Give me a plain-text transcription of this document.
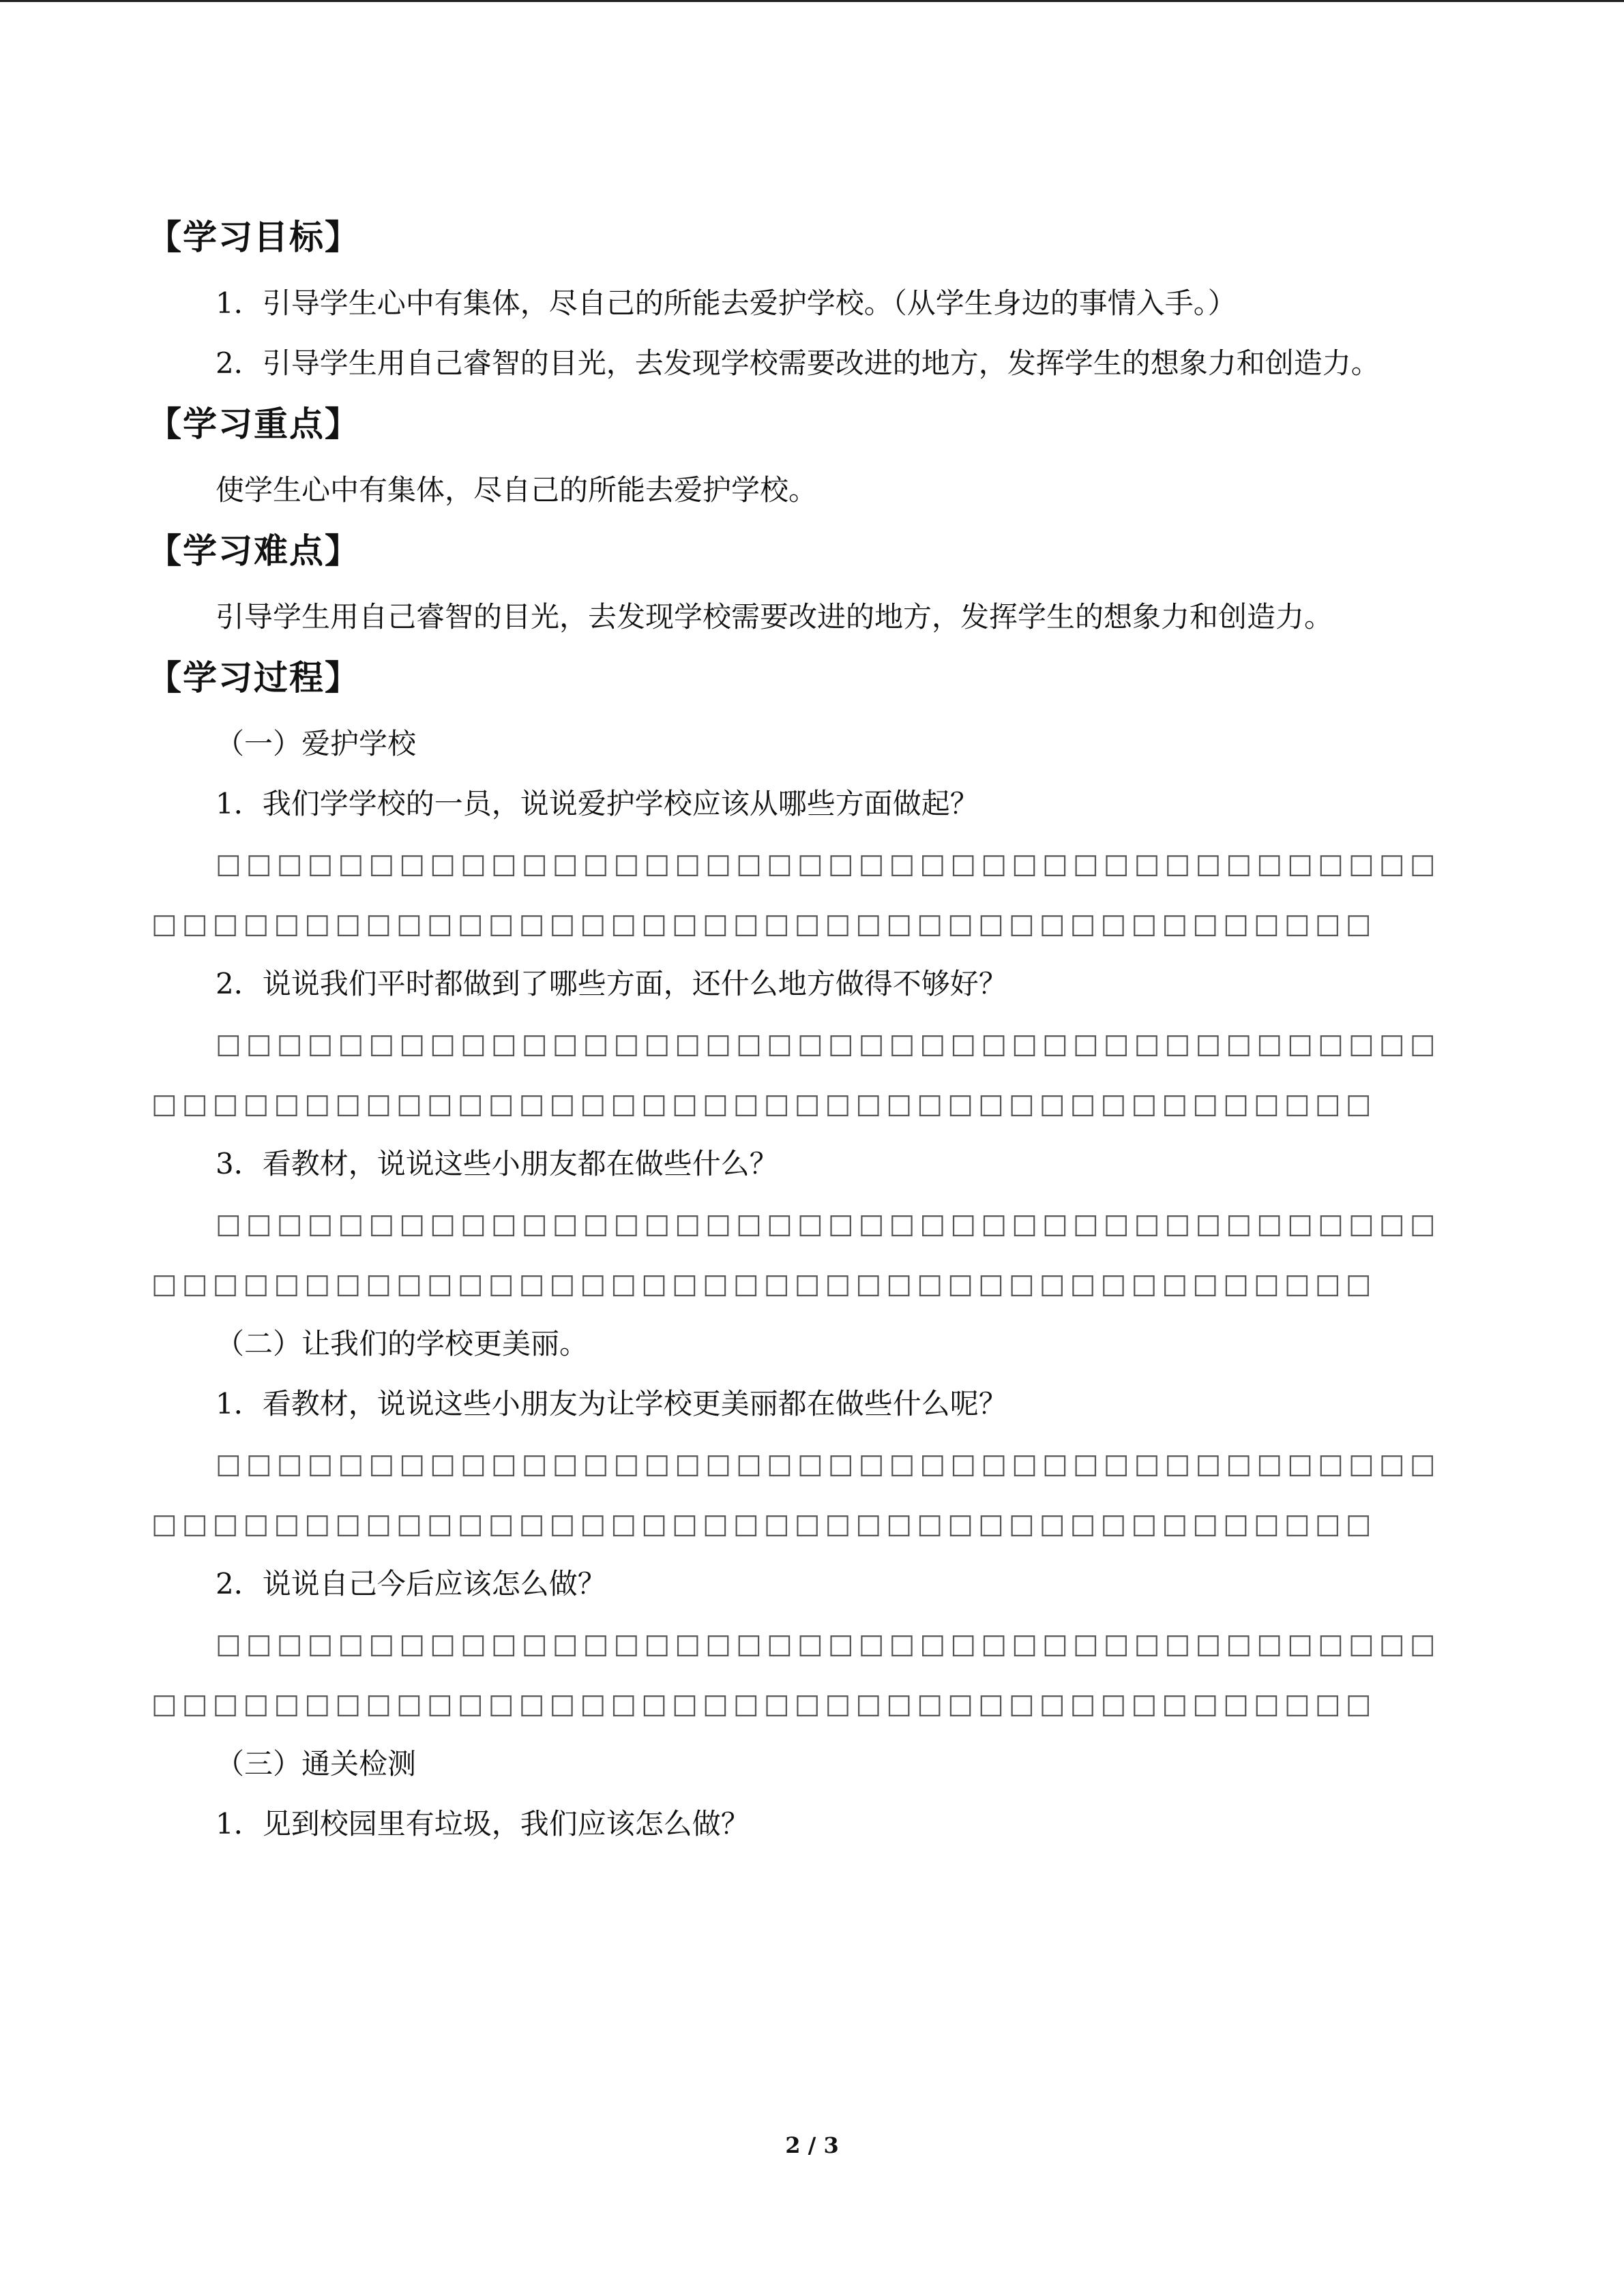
【学习目标】

1．引导学生心中有集体，尽自己的所能去爱护学校。（从学生身边的事情入手。）

2．引导学生用自己睿智的目光，去发现学校需要改进的地方，发挥学生的想象力和创造力。

【学习重点】

使学生心中有集体，尽自己的所能去爱护学校。

【学习难点】

引导学生用自己睿智的目光，去发现学校需要改进的地方，发挥学生的想象力和创造力。

【学习过程】

（一）爱护学校

1．我们学学校的一员，说说爱护学校应该从哪些方面做起？

□□□□□□□□□□□□□□□□□□□□□□□□□□□□□□□□□□□□□□□□
□□□□□□□□□□□□□□□□□□□□□□□□□□□□□□□□□□□□□□□□

2．说说我们平时都做到了哪些方面，还什么地方做得不够好？

□□□□□□□□□□□□□□□□□□□□□□□□□□□□□□□□□□□□□□□□
□□□□□□□□□□□□□□□□□□□□□□□□□□□□□□□□□□□□□□□□

3．看教材，说说这些小朋友都在做些什么？

□□□□□□□□□□□□□□□□□□□□□□□□□□□□□□□□□□□□□□□□
□□□□□□□□□□□□□□□□□□□□□□□□□□□□□□□□□□□□□□□□

（二）让我们的学校更美丽。

1．看教材，说说这些小朋友为让学校更美丽都在做些什么呢？

□□□□□□□□□□□□□□□□□□□□□□□□□□□□□□□□□□□□□□□□
□□□□□□□□□□□□□□□□□□□□□□□□□□□□□□□□□□□□□□□□

2．说说自己今后应该怎么做？

□□□□□□□□□□□□□□□□□□□□□□□□□□□□□□□□□□□□□□□□
□□□□□□□□□□□□□□□□□□□□□□□□□□□□□□□□□□□□□□□□

（三）通关检测

1．见到校园里有垃圾，我们应该怎么做？

2 / 3
